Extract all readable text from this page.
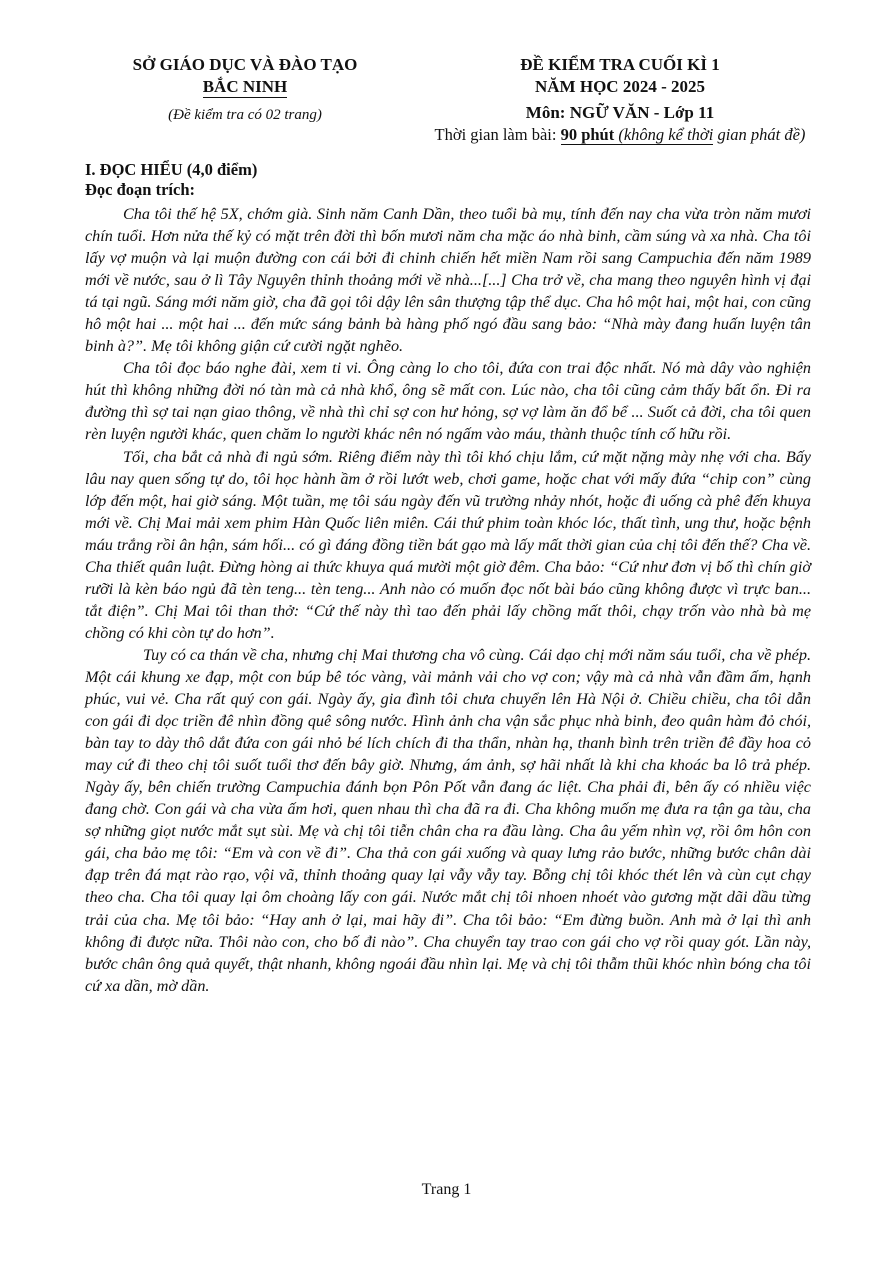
SỞ GIÁO DỤC VÀ ĐÀO TẠO
BẮC NINH
(Đề kiểm tra có 02 trang)
ĐỀ KIỂM TRA CUỐI KÌ 1
NĂM HỌC 2024 - 2025
Môn: NGỮ VĂN - Lớp 11
Thời gian làm bài: 90 phút (không kể thời gian phát đề)
I. ĐỌC HIỂU (4,0 điểm)
Đọc đoạn trích:

Cha tôi thế hệ 5X, chớm già. Sinh năm Canh Dần, theo tuổi bà mụ, tính đến nay cha vừa tròn năm mươi chín tuổi. Hơn nửa thế kỷ có mặt trên đời thì bốn mươi năm cha mặc áo nhà binh, cầm súng và xa nhà. Cha tôi lấy vợ muộn và lại muộn đường con cái bởi đi chinh chiến hết miền Nam rồi sang Campuchia đến năm 1989 mới về nước, sau ở lì Tây Nguyên thỉnh thoảng mới về nhà...[...] Cha trở về, cha mang theo nguyên hình vị đại tá tại ngũ. Sáng mới năm giờ, cha đã gọi tôi dậy lên sân thượng tập thể dục. Cha hô một hai, một hai, con cũng hô một hai ... một hai ... đến mức sáng bảnh bà hàng phố ngó đầu sang bảo: “Nhà mày đang huấn luyện tân binh à?”. Mẹ tôi không giận cứ cười ngặt nghẽo.

Cha tôi đọc báo nghe đài, xem ti vi. Ông càng lo cho tôi, đứa con trai độc nhất. Nó mà dây vào nghiện hút thì không những đời nó tàn mà cả nhà khổ, ông sẽ mất con. Lúc nào, cha tôi cũng cảm thấy bất ổn. Đi ra đường thì sợ tai nạn giao thông, về nhà thì chỉ sợ con hư hỏng, sợ vợ làm ăn đổ bể ... Suốt cả đời, cha tôi quen rèn luyện người khác, quen chăm lo người khác nên nó ngấm vào máu, thành thuộc tính cố hữu rồi.

Tối, cha bắt cả nhà đi ngủ sớm. Riêng điểm này thì tôi khó chịu lắm, cứ mặt nặng mày nhẹ với cha. Bấy lâu nay quen sống tự do, tôi học hành ầm ở rồi lướt web, chơi game, hoặc chat với mấy đứa “chip con” cùng lớp đến một, hai giờ sáng. Một tuần, mẹ tôi sáu ngày đến vũ trường nhảy nhót, hoặc đi uống cà phê đến khuya mới về. Chị Mai mải xem phim Hàn Quốc liên miên. Cái thứ phim toàn khóc lóc, thất tình, ung thư, hoặc bệnh máu trắng rồi ân hận, sám hối... có gì đáng đồng tiền bát gạo mà lấy mất thời gian của chị tôi đến thế? Cha về. Cha thiết quân luật. Đừng hòng ai thức khuya quá mười một giờ đêm. Cha bảo: “Cứ như đơn vị bố thì chín giờ rưỡi là kèn báo ngủ đã tèn teng... tèn teng... Anh nào có muốn đọc nốt bài báo cũng không được vì trực ban... tắt điện”. Chị Mai tôi than thở: “Cứ thế này thì tao đến phải lấy chồng mất thôi, chạy trốn vào nhà bà mẹ chồng có khi còn tự do hơn”.

Tuy có ca thán về cha, nhưng chị Mai thương cha vô cùng. Cái dạo chị mới năm sáu tuổi, cha về phép. Một cái khung xe đạp, một con búp bê tóc vàng, vài mảnh vải cho vợ con; vậy mà cả nhà vẫn đầm ấm, hạnh phúc, vui vẻ. Cha rất quý con gái. Ngày ấy, gia đình tôi chưa chuyển lên Hà Nội ở. Chiều chiều, cha tôi dẫn con gái đi dọc triền đê nhìn đồng quê sông nước. Hình ảnh cha vận sắc phục nhà binh, đeo quân hàm đỏ chói, bàn tay to dày thô dắt đứa con gái nhỏ bé lích chích đi tha thẩn, nhàn hạ, thanh bình trên triền đê đầy hoa cỏ may cứ đi theo chị tôi suốt tuổi thơ đến bây giờ. Nhưng, ám ảnh, sợ hãi nhất là khi cha khoác ba lô trả phép. Ngày ấy, bên chiến trường Campuchia đánh bọn Pôn Pốt vẫn đang ác liệt. Cha phải đi, bên ấy có nhiều việc đang chờ. Con gái và cha vừa ấm hơi, quen nhau thì cha đã ra đi. Cha không muốn mẹ đưa ra tận ga tàu, cha sợ những giọt nước mắt sụt sùi. Mẹ và chị tôi tiễn chân cha ra đầu làng. Cha âu yếm nhìn vợ, rồi ôm hôn con gái, cha bảo mẹ tôi: “Em và con về đi”. Cha thả con gái xuống và quay lưng rảo bước, những bước chân dài đạp trên đá mạt rào rạo, vội vã, thỉnh thoảng quay lại vẫy vẫy tay. Bỗng chị tôi khóc thét lên và cùn cụt chạy theo cha. Cha tôi quay lại ôm choàng lấy con gái. Nước mắt chị tôi nhoen nhoét vào gương mặt dãi dầu từng trải của cha. Mẹ tôi bảo: “Hay anh ở lại, mai hãy đi”. Cha tôi bảo: “Em đừng buồn. Anh mà ở lại thì anh không đi được nữa. Thôi nào con, cho bố đi nào”. Cha chuyển tay trao con gái cho vợ rồi quay gót. Lần này, bước chân ông quả quyết, thật nhanh, không ngoái đầu nhìn lại. Mẹ và chị tôi thẫm thũi khóc nhìn bóng cha tôi cứ xa dần, mờ dần.

Trang 1
